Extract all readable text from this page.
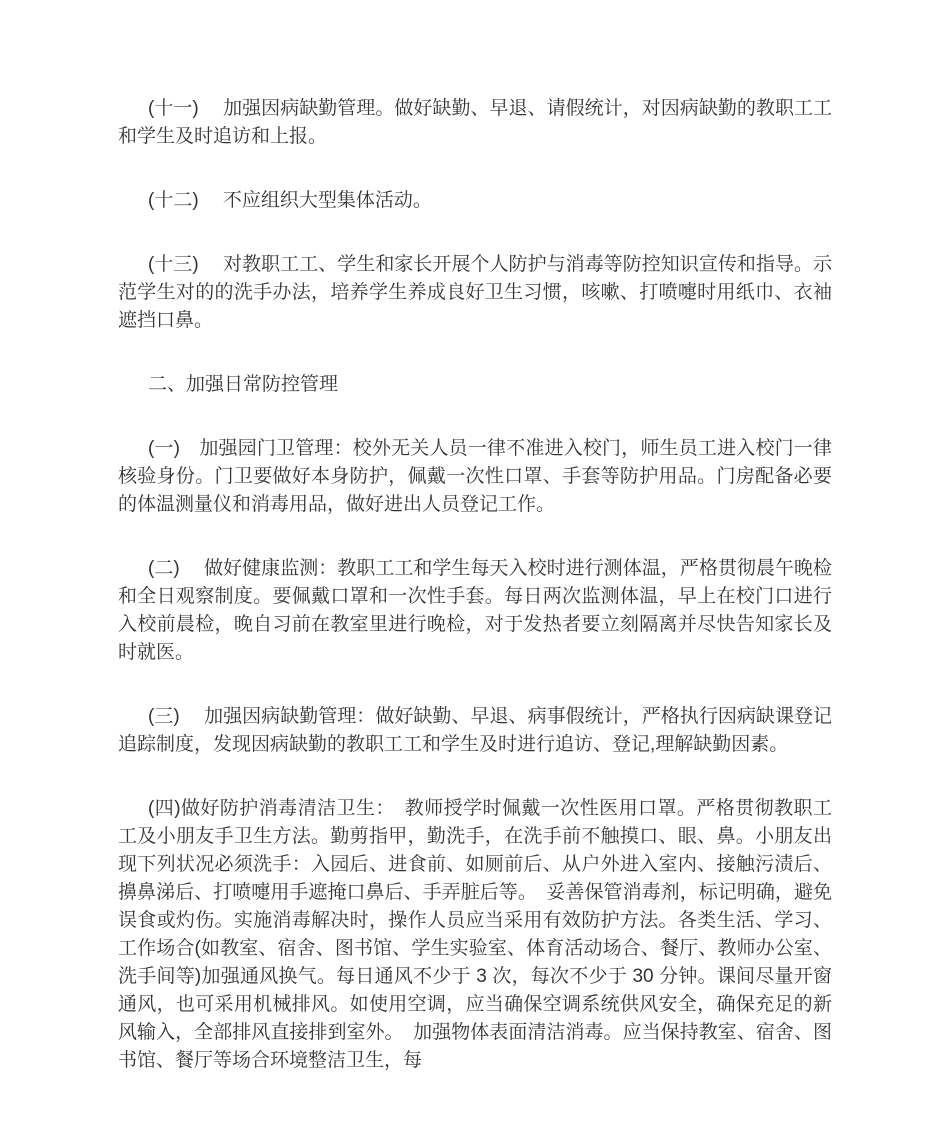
(十一)　 加强因病缺勤管理。做好缺勤、早退、请假统计，对因病缺勤的教职工工和学生及时追访和上报。

(十二)　 不应组织大型集体活动。

(十三)　 对教职工工、学生和家长开展个人防护与消毒等防控知识宣传和指导。示范学生对的的洗手办法，培养学生养成良好卫生习惯，咳嗽、打喷嚏时用纸巾、衣袖遮挡口鼻。

二、加强日常防控管理

(一)　加强园门卫管理：校外无关人员一律不准进入校门，师生员工进入校门一律核验身份。门卫要做好本身防护，佩戴一次性口罩、手套等防护用品。门房配备必要的体温测量仪和消毒用品，做好进出人员登记工作。

(二)　 做好健康监测：教职工工和学生每天入校时进行测体温，严格贯彻晨午晚检和全日观察制度。要佩戴口罩和一次性手套。每日两次监测体温，早上在校门口进行入校前晨检，晚自习前在教室里进行晚检，对于发热者要立刻隔离并尽快告知家长及时就医。

(三)　 加强因病缺勤管理：做好缺勤、早退、病事假统计，严格执行因病缺课登记追踪制度，发现因病缺勤的教职工工和学生及时进行追访、登记,理解缺勤因素。

(四)做好防护消毒清洁卫生：　教师授学时佩戴一次性医用口罩。严格贯彻教职工工及小朋友手卫生方法。勤剪指甲，勤洗手，在洗手前不触摸口、眼、鼻。小朋友出现下列状况必须洗手：入园后、进食前、如厕前后、从户外进入室内、接触污渍后、擤鼻涕后、打喷嚏用手遮掩口鼻后、手弄脏后等。　妥善保管消毒剂，标记明确，避免误食或灼伤。实施消毒解决时，操作人员应当采用有效防护方法。各类生活、学习、工作场合(如教室、宿舍、图书馆、学生实验室、体育活动场合、餐厅、教师办公室、洗手间等)加强通风换气。每日通风不少于 3 次，每次不少于 30 分钟。课间尽量开窗通风，也可采用机械排风。如使用空调，应当确保空调系统供风安全，确保充足的新风输入，全部排风直接排到室外。　加强物体表面清洁消毒。应当保持教室、宿舍、图书馆、餐厅等场合环境整洁卫生，每
